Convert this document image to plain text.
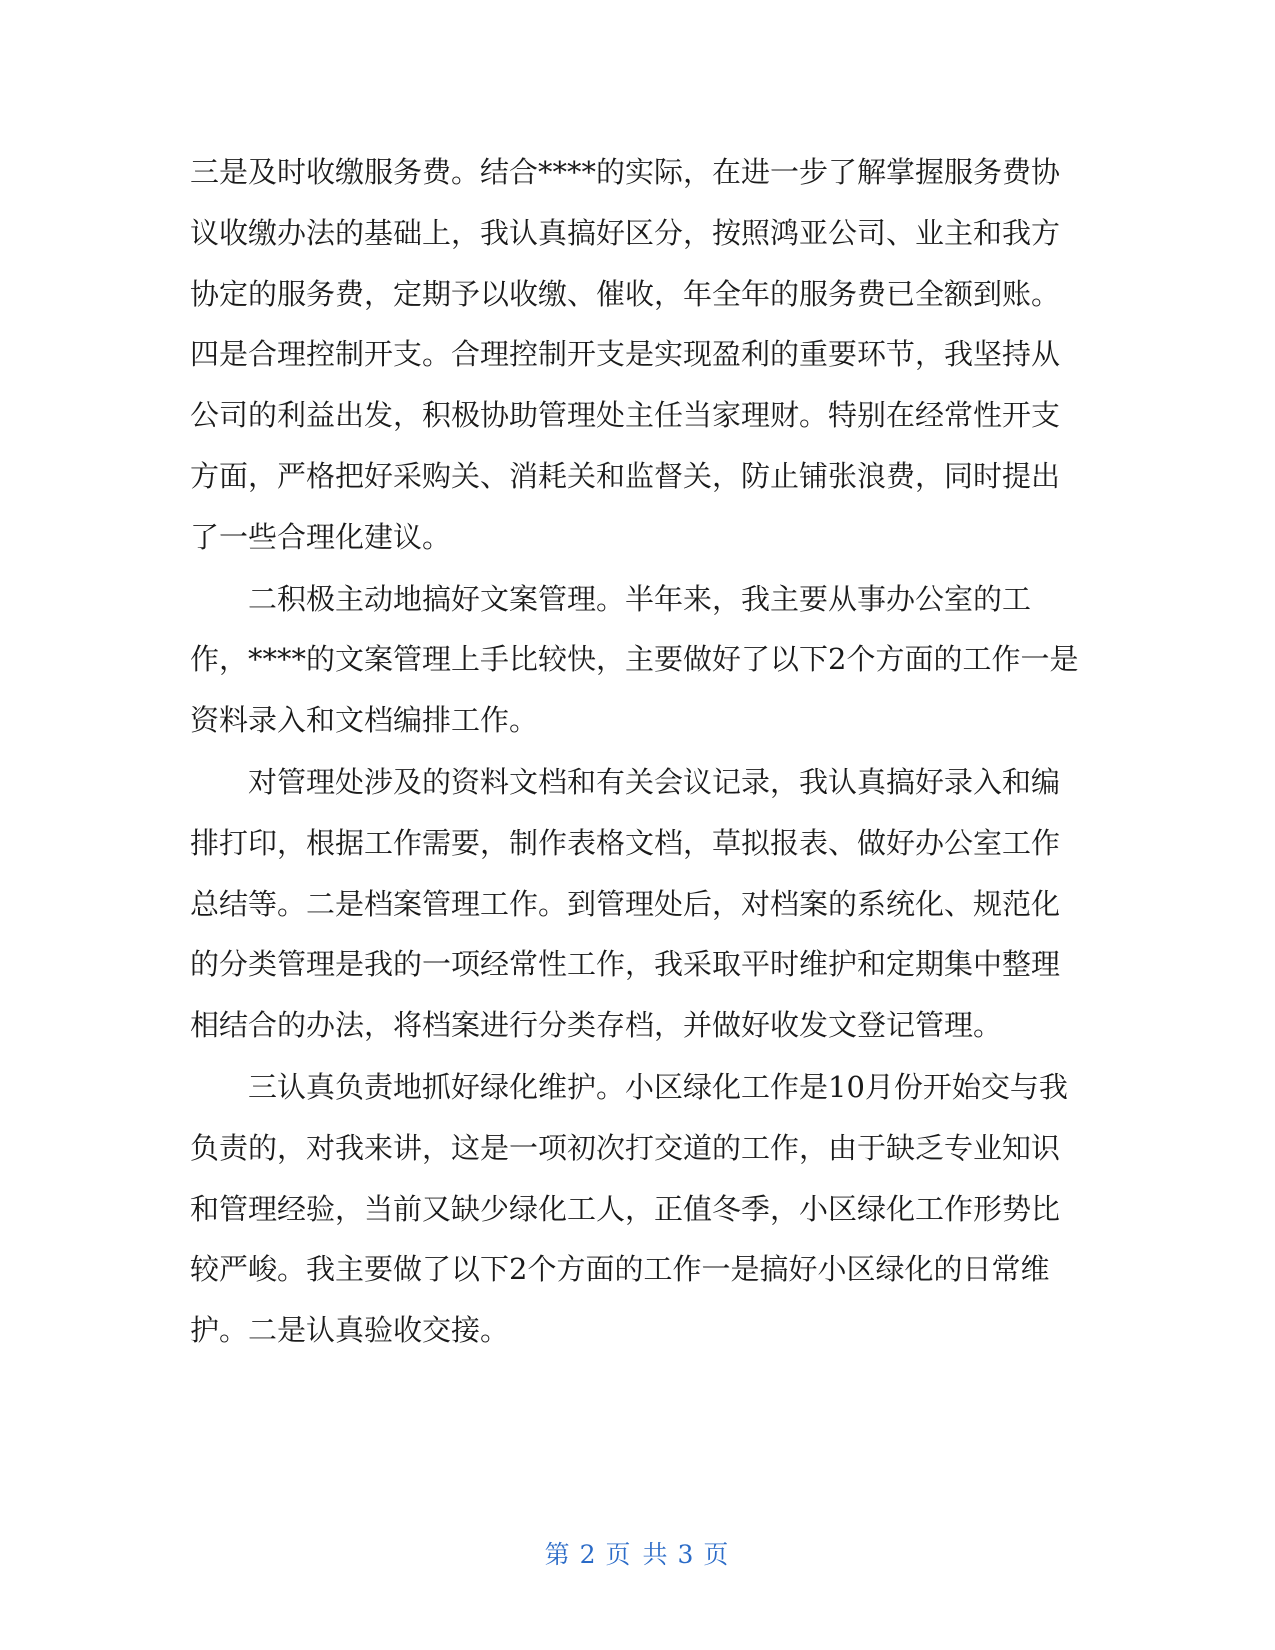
三是及时收缴服务费。结合****的实际，在进一步了解掌握服务费协议收缴办法的基础上，我认真搞好区分，按照鸿亚公司、业主和我方协定的服务费，定期予以收缴、催收，年全年的服务费已全额到账。四是合理控制开支。合理控制开支是实现盈利的重要环节，我坚持从公司的利益出发，积极协助管理处主任当家理财。特别在经常性开支方面，严格把好采购关、消耗关和监督关，防止铺张浪费，同时提出了一些合理化建议。

二积极主动地搞好文案管理。半年来，我主要从事办公室的工作，****的文案管理上手比较快，主要做好了以下2个方面的工作一是资料录入和文档编排工作。

对管理处涉及的资料文档和有关会议记录，我认真搞好录入和编排打印，根据工作需要，制作表格文档，草拟报表、做好办公室工作总结等。二是档案管理工作。到管理处后，对档案的系统化、规范化的分类管理是我的一项经常性工作，我采取平时维护和定期集中整理相结合的办法，将档案进行分类存档，并做好收发文登记管理。

三认真负责地抓好绿化维护。小区绿化工作是10月份开始交与我负责的，对我来讲，这是一项初次打交道的工作，由于缺乏专业知识和管理经验，当前又缺少绿化工人，正值冬季，小区绿化工作形势比较严峻。我主要做了以下2个方面的工作一是搞好小区绿化的日常维护。二是认真验收交接。

第 2 页 共 3 页
